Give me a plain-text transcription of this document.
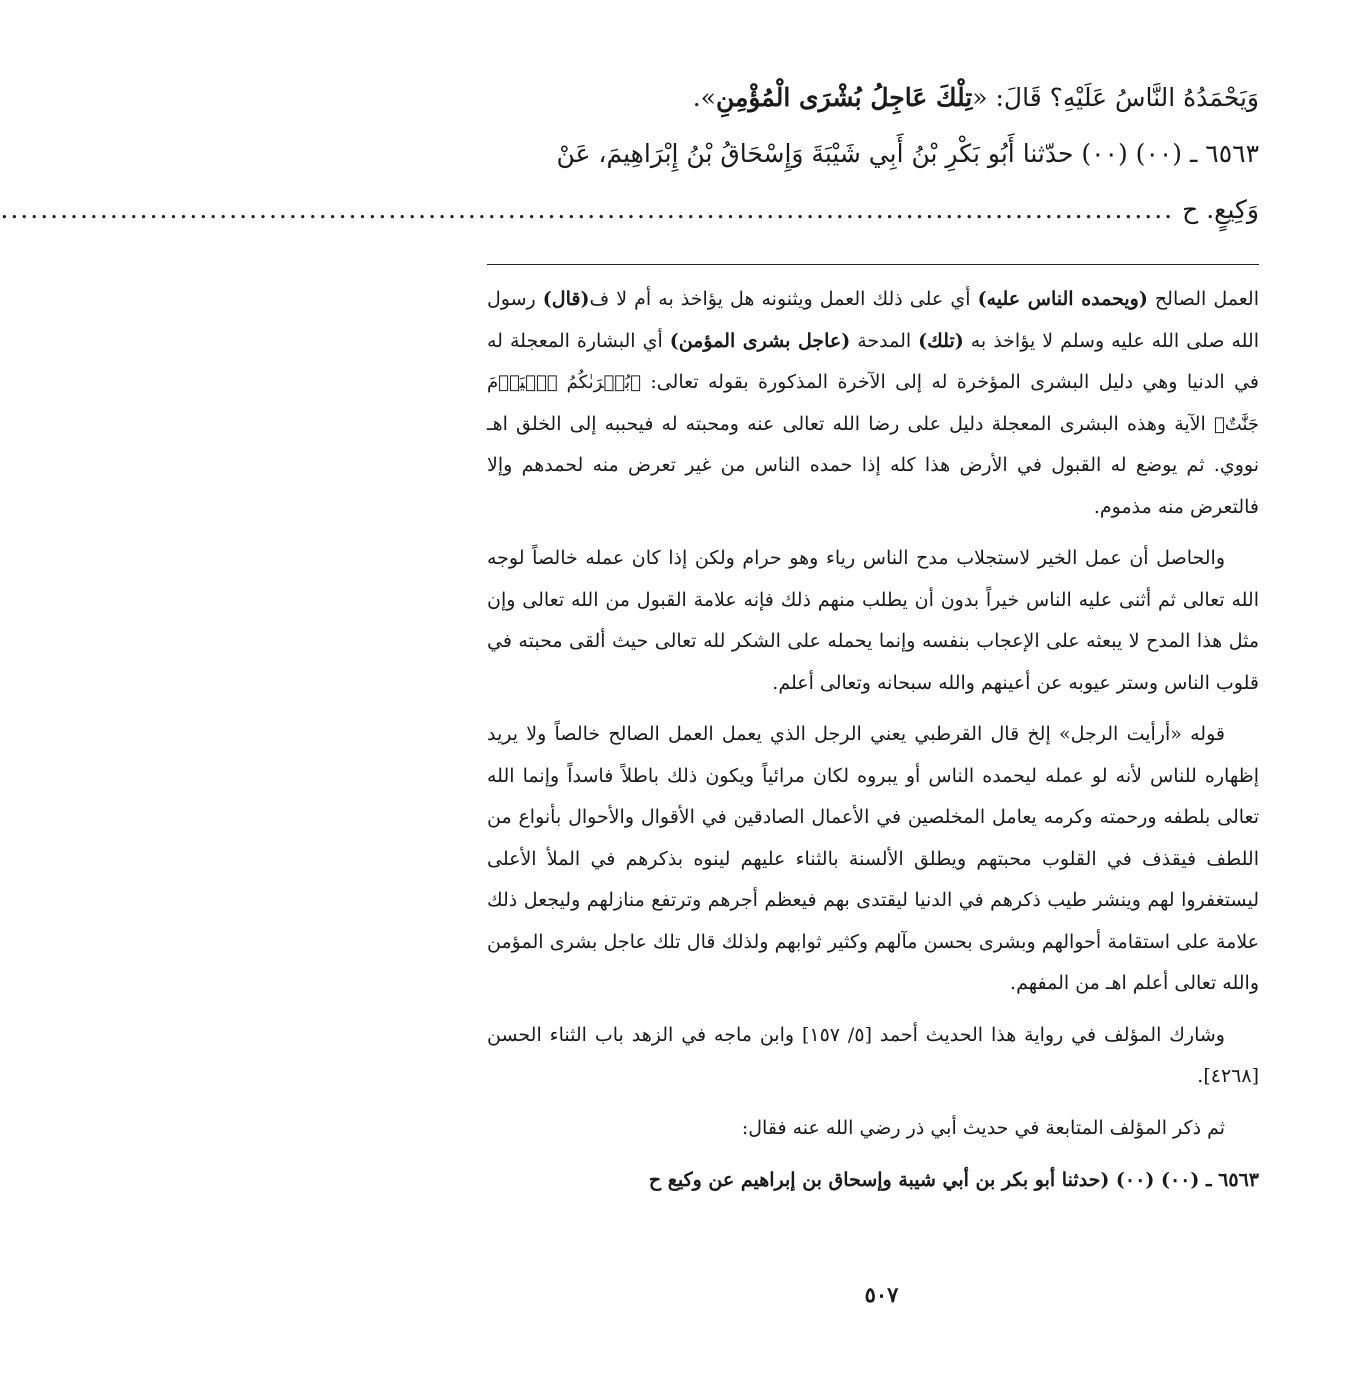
وَيَحْمَدُهُ النَّاسُ عَلَيْهِ؟ قَالَ: «تِلْكَ عَاجِلُ بُشْرَى الْمُؤْمِنِ».

٦٥٦٣ ـ (٠٠) (٠٠) حدّثنا أَبُو بَكْرِ بْنُ أَبِي شَيْبَةَ وَإِسْحَاقُ بْنُ إِبْرَاهِيمَ، عَنْ

وَكِيعٍ. ح
......................................................................................................................

العمل الصالح (ويحمده الناس عليه) أي على ذلك العمل ويثنونه هل يؤاخذ به أم لا ف(قال) رسول الله صلى الله عليه وسلم لا يؤاخذ به (تلك) المدحة (عاجل بشرى المؤمن) أي البشارة المعجلة له في الدنيا وهي دليل البشرى المؤخرة له إلى الآخرة المذكورة بقوله تعالى: ﴿بُشۡرَىٰكُمُ ٱلۡيَوۡمَ جَنَّٰتٌ﴾ الآية وهذه البشرى المعجلة دليل على رضا الله تعالى عنه ومحبته له فيحببه إلى الخلق اهـ نووي. ثم يوضع له القبول في الأرض هذا كله إذا حمده الناس من غير تعرض منه لحمدهم وإلا فالتعرض منه مذموم.

والحاصل أن عمل الخير لاستجلاب مدح الناس رياء وهو حرام ولكن إذا كان عمله خالصاً لوجه الله تعالى ثم أثنى عليه الناس خيراً بدون أن يطلب منهم ذلك فإنه علامة القبول من الله تعالى وإن مثل هذا المدح لا يبعثه على الإعجاب بنفسه وإنما يحمله على الشكر لله تعالى حيث ألقى محبته في قلوب الناس وستر عيوبه عن أعينهم والله سبحانه وتعالى أعلم.

قوله «أرأيت الرجل» إلخ قال القرطبي يعني الرجل الذي يعمل العمل الصالح خالصاً ولا يريد إظهاره للناس لأنه لو عمله ليحمده الناس أو يبروه لكان مرائياً ويكون ذلك باطلاً فاسداً وإنما الله تعالى بلطفه ورحمته وكرمه يعامل المخلصين في الأعمال الصادقين في الأقوال والأحوال بأنواع من اللطف فيقذف في القلوب محبتهم ويطلق الألسنة بالثناء عليهم لينوه بذكرهم في الملأ الأعلى ليستغفروا لهم وينشر طيب ذكرهم في الدنيا ليقتدى بهم فيعظم أجرهم وترتفع منازلهم وليجعل ذلك علامة على استقامة أحوالهم وبشرى بحسن مآلهم وكثير ثوابهم ولذلك قال تلك عاجل بشرى المؤمن والله تعالى أعلم اهـ من المفهم.

وشارك المؤلف في رواية هذا الحديث أحمد [٥/ ١٥٧] وابن ماجه في الزهد باب الثناء الحسن [٤٢٦٨].

ثم ذكر المؤلف المتابعة في حديث أبي ذر رضي الله عنه فقال:

٦٥٦٣ ـ (٠٠) (٠٠) (حدثنا أبو بكر بن أبي شيبة وإسحاق بن إبراهيم عن وكيع ح

٥٠٧
